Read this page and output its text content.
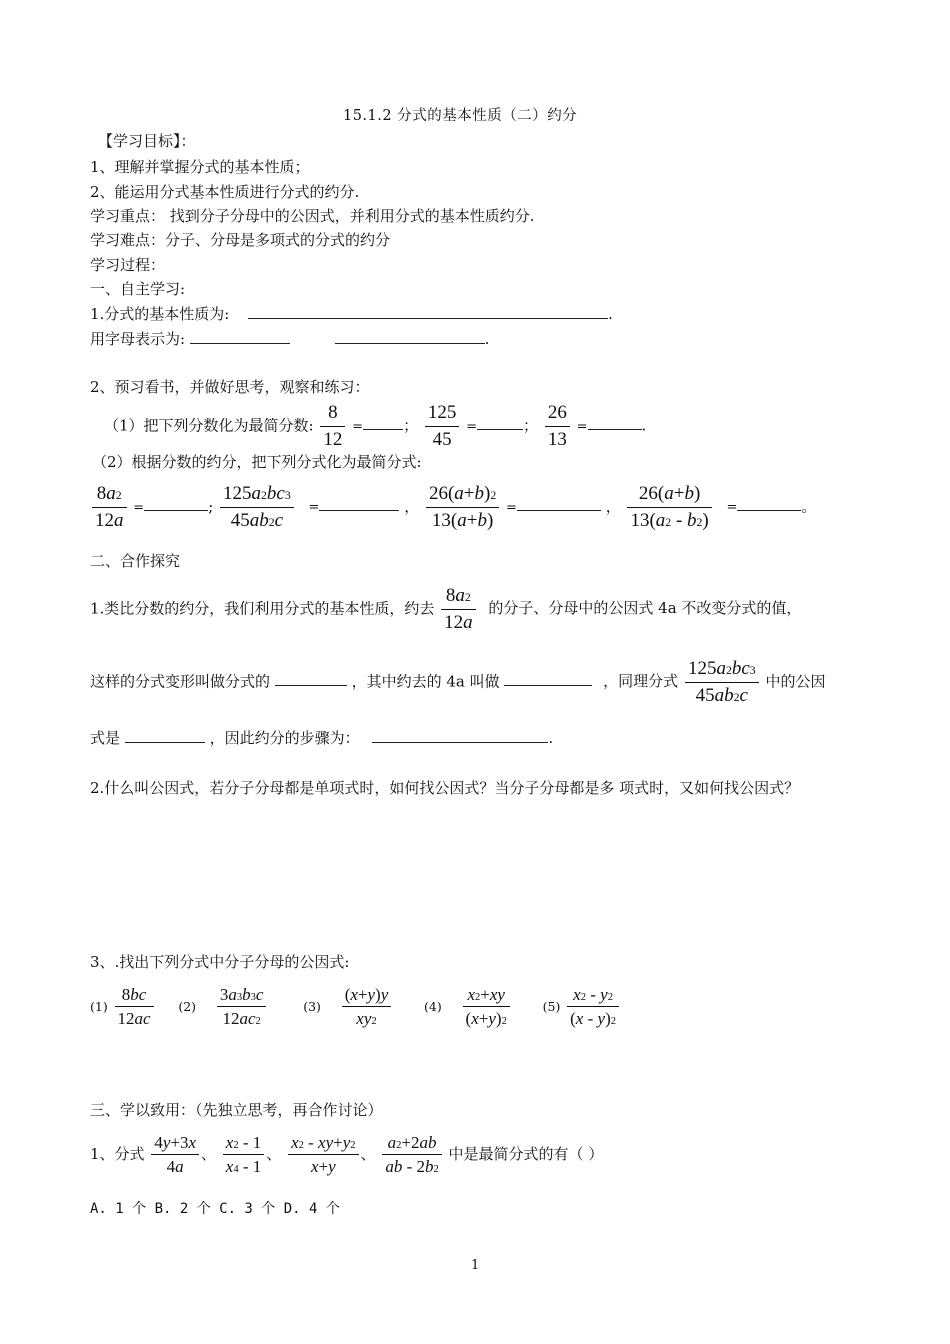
15.1.2 分式的基本性质（二）约分
【学习目标】：
1、理解并掌握分式的基本性质；
2、能运用分式基本性质进行分式的约分.
学习重点： 找到分子分母中的公因式，并利用分式的基本性质约分.
学习难点：分子、分母是多项式的分式的约分
学习过程：
一、自主学习:
1.分式的基本性质为:	.
用字母表示为:	.
2、预习看书，并做好思考，观察和练习：
（1）把下列分数化为最简分数: $\frac{8}{12}$ =	； $\frac{125}{45}$ =	； $\frac{26}{13}$ =	.
（2）根据分数的约分，把下列分式化为最简分式:
$\frac{8a^2}{12a}$ =	; $\frac{125a^2bc^3}{45ab^2c}$ =	， $\frac{26(a+b)^2}{13(a+b)}$ =	， $\frac{26(a+b)}{13(a^2 - b^2)}$ =	。
二、合作探究
1.类比分数的约分，我们利用分式的基本性质，约去 $\frac{8a^2}{12a}$ 的分子、分母中的公因式 4a 不改变分式的值，
这样的分式变形叫做分式的	，其中约去的 4a 叫做	，同理分式 $\frac{125a^2bc^3}{45ab^2c}$ 中的公因
式是	，因此约分的步骤为：	.
2.什么叫公因式，若分子分母都是单项式时，如何找公因式？当分子分母都是多 项式时，又如何找公因式？
3、.找出下列分式中分子分母的公因式:
$(1) \frac{8bc}{12ac} (2) \frac{3a^3b^3c}{12ac^2}$	$(3) \frac{(x+y)y}{xy^2}$	$(4) \frac{x^2+xy}{(x+y)^2}$	$(5) \frac{x^2 - y^2}{(x - y)^2}$
三、学以致用：（先独立思考，再合作讨论）
1、分式 $\frac{4y+3x}{4a}$ 、 $\frac{x^2 - 1}{x^4 - 1}$ 、 $\frac{x^2 - xy+y^2}{x+y}$ 、 $\frac{a^2+2ab}{ab - 2b^2}$ 中是最简分式的有（ ）
A. 1 个 B. 2 个 C. 3 个 D. 4 个
1
